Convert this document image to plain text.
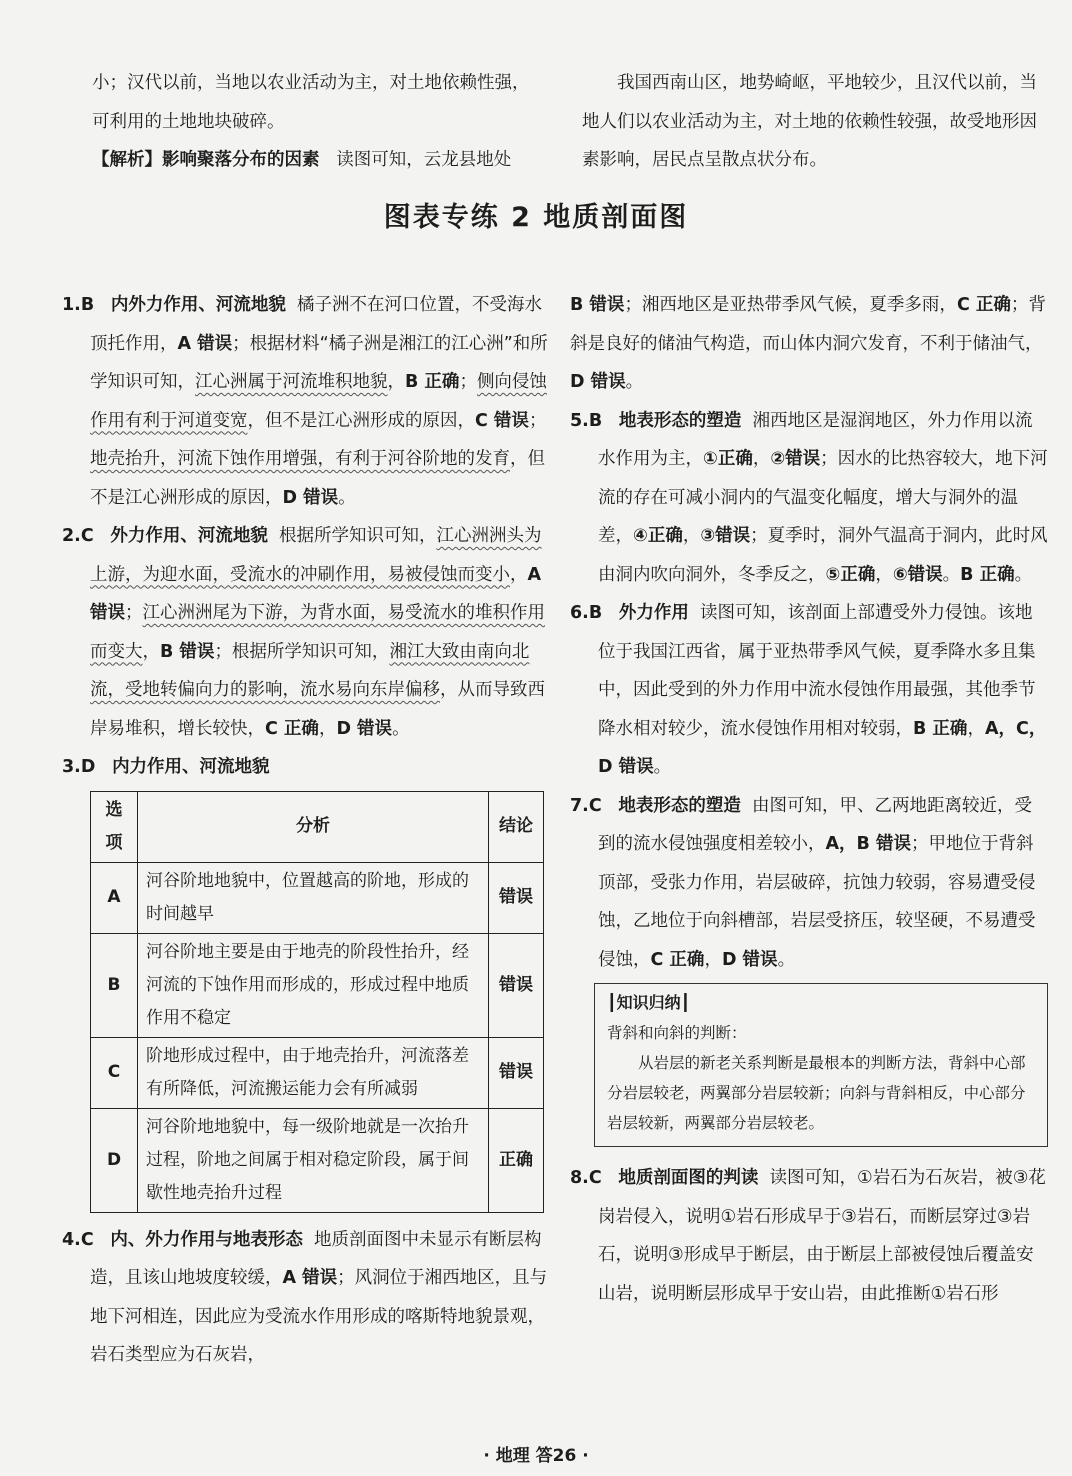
小；汉代以前，当地以农业活动为主，对土地依赖性强，

可利用的土地地块破碎。

【解析】影响聚落分布的因素 读图可知，云龙县地处

我国西南山区，地势崎岖，平地较少，且汉代以前，当地人们以农业活动为主，对土地的依赖性较强，故受地形因素影响，居民点呈散点状分布。

图表专练 2 地质剖面图

1.B 内外力作用、河流地貌 橘子洲不在河口位置，不受海水顶托作用，A 错误；根据材料“橘子洲是湘江的江心洲”和所学知识可知，江心洲属于河流堆积地貌，B 正确；侧向侵蚀作用有利于河道变宽，但不是江心洲形成的原因，C 错误；地壳抬升，河流下蚀作用增强，有利于河谷阶地的发育，但不是江心洲形成的原因，D 错误。

2.C 外力作用、河流地貌 根据所学知识可知，江心洲洲头为上游，为迎水面，受流水的冲刷作用，易被侵蚀而变小，A 错误；江心洲洲尾为下游，为背水面，易受流水的堆积作用而变大，B 错误；根据所学知识可知，湘江大致由南向北流，受地转偏向力的影响，流水易向东岸偏移，从而导致西岸易堆积，增长较快，C 正确，D 错误。

3.D 内力作用、河流地貌

选项	分析	结论
A	河谷阶地地貌中，位置越高的阶地，形成的时间越早	错误
B	河谷阶地主要是由于地壳的阶段性抬升，经河流的下蚀作用而形成的，形成过程中地质作用不稳定	错误
C	阶地形成过程中，由于地壳抬升，河流落差有所降低，河流搬运能力会有所减弱	错误
D	河谷阶地地貌中，每一级阶地就是一次抬升过程，阶地之间属于相对稳定阶段，属于间歇性地壳抬升过程	正确

4.C 内、外力作用与地表形态 地质剖面图中未显示有断层构造，且该山地坡度较缓，A 错误；风洞位于湘西地区，且与地下河相连，因此应为受流水作用形成的喀斯特地貌景观，岩石类型应为石灰岩，

B 错误；湘西地区是亚热带季风气候，夏季多雨，C 正确；背斜是良好的储油气构造，而山体内洞穴发育，不利于储油气，D 错误。

5.B 地表形态的塑造 湘西地区是湿润地区，外力作用以流水作用为主，①正确，②错误；因水的比热容较大，地下河流的存在可减小洞内的气温变化幅度，增大与洞外的温差，④正确，③错误；夏季时，洞外气温高于洞内，此时风由洞内吹向洞外，冬季反之，⑤正确，⑥错误。B 正确。

6.B 外力作用 读图可知，该剖面上部遭受外力侵蚀。该地位于我国江西省，属于亚热带季风气候，夏季降水多且集中，因此受到的外力作用中流水侵蚀作用最强，其他季节降水相对较少，流水侵蚀作用相对较弱，B 正确，A，C，D 错误。

7.C 地表形态的塑造 由图可知，甲、乙两地距离较近，受到的流水侵蚀强度相差较小，A，B 错误；甲地位于背斜顶部，受张力作用，岩层破碎，抗蚀力较弱，容易遭受侵蚀，乙地位于向斜槽部，岩层受挤压，较坚硬，不易遭受侵蚀，C 正确，D 错误。

┃ 知识归纳 ┃
背斜和向斜的判断：
从岩层的新老关系判断是最根本的判断方法，背斜中心部分岩层较老，两翼部分岩层较新；向斜与背斜相反，中心部分岩层较新，两翼部分岩层较老。

8.C 地质剖面图的判读 读图可知，①岩石为石灰岩，被③花岗岩侵入，说明①岩石形成早于③岩石，而断层穿过③岩石，说明③形成早于断层，由于断层上部被侵蚀后覆盖安山岩，说明断层形成早于安山岩，由此推断①岩石形

· 地理 答26 ·
